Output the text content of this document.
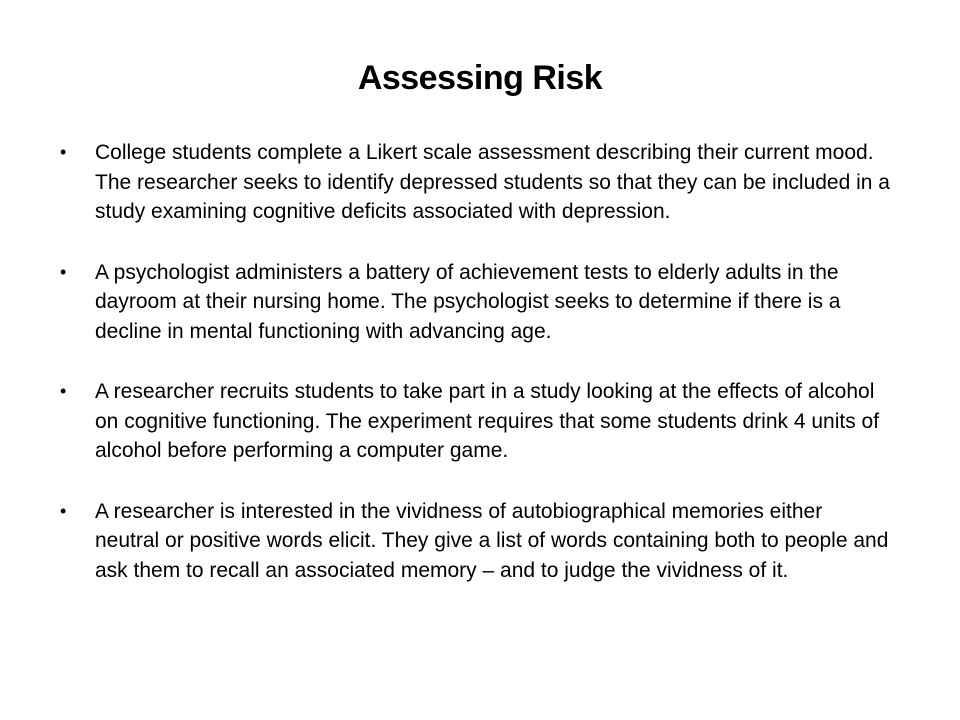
Assessing Risk
• College students complete a Likert scale assessment describing their current mood. The researcher seeks to identify depressed students so that they can be included in a study examining cognitive deficits associated with depression.
• A psychologist administers a battery of achievement tests to elderly adults in the dayroom at their nursing home. The psychologist seeks to determine if there is a decline in mental functioning with advancing age.
• A researcher recruits students to take part in a study looking at the effects of alcohol on cognitive functioning. The experiment requires that some students drink 4 units of alcohol before performing a computer game.
• A researcher is interested in the vividness of autobiographical memories either neutral or positive words elicit. They give a list of words containing both to people and ask them to recall an associated memory – and to judge the vividness of it.
